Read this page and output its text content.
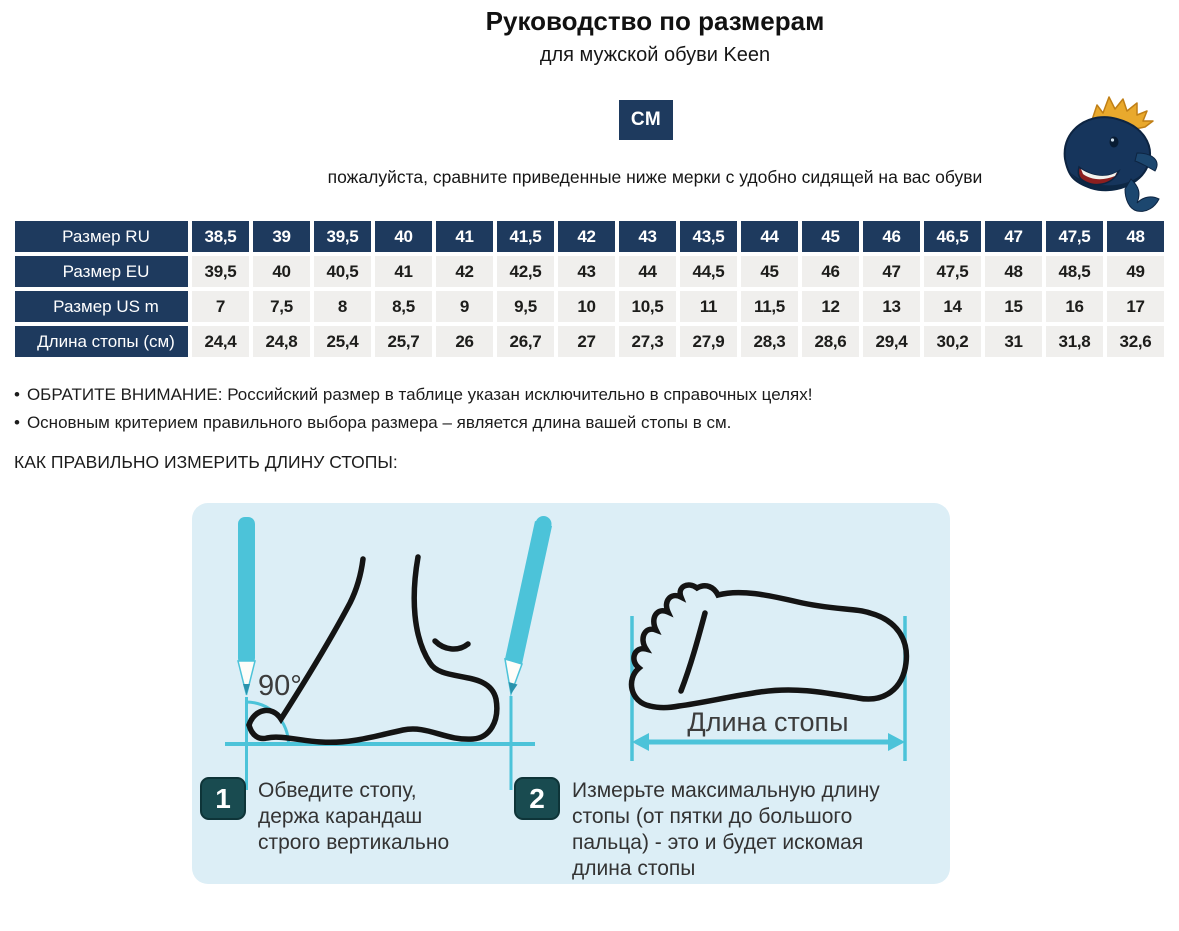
Руководство по размерам
для мужской обуви Keen
СМ
пожалуйста, сравните приведенные ниже мерки с удобно сидящей на вас обуви
Размер RU	38,5	39	39,5	40	41	41,5	42	43	43,5	44	45	46	46,5	47	47,5	48
Размер EU	39,5	40	40,5	41	42	42,5	43	44	44,5	45	46	47	47,5	48	48,5	49
Размер US m	7	7,5	8	8,5	9	9,5	10	10,5	11	11,5	12	13	14	15	16	17
Длина стопы (см)	24,4	24,8	25,4	25,7	26	26,7	27	27,3	27,9	28,3	28,6	29,4	30,2	31	31,8	32,6
• ОБРАТИТЕ ВНИМАНИЕ: Российский размер в таблице указан исключительно в справочных целях!
• Основным критерием правильного выбора размера – является длина вашей стопы в см.
КАК ПРАВИЛЬНО ИЗМЕРИТЬ ДЛИНУ СТОПЫ:
90°
Длина стопы
1	Обведите стопу,
держа карандаш
строго вертикально
2	Измерьте максимальную длину
стопы (от пятки до большого
пальца) - это и будет искомая
длина стопы
